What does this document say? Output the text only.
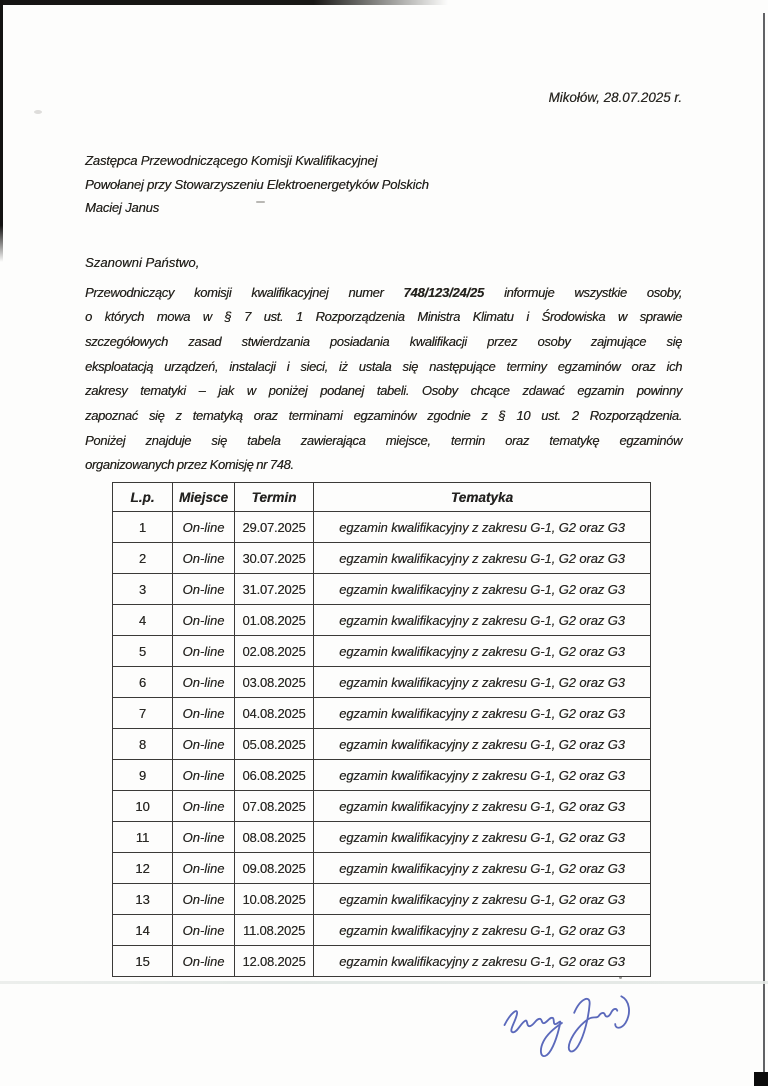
Mikołów, 28.07.2025 r.
Zastępca Przewodniczącego Komisji Kwalifikacyjnej
Powołanej przy Stowarzyszeniu Elektroenergetyków Polskich
Maciej Janus
Szanowni Państwo,
Przewodniczący komisji kwalifikacyjnej numer 748/123/24/25 informuje wszystkie osoby,
o których mowa w § 7 ust. 1 Rozporządzenia Ministra Klimatu i Środowiska w sprawie
szczegółowych zasad stwierdzania posiadania kwalifikacji przez osoby zajmujące się
eksploatacją urządzeń, instalacji i sieci, iż ustala się następujące terminy egzaminów oraz ich
zakresy tematyki – jak w poniżej podanej tabeli. Osoby chcące zdawać egzamin powinny
zapoznać się z tematyką oraz terminami egzaminów zgodnie z § 10 ust. 2 Rozporządzenia.
Poniżej znajduje się tabela zawierająca miejsce, termin oraz tematykę egzaminów
organizowanych przez Komisję nr 748.
L.p.	Miejsce	Termin	Tematyka
1	On-line	29.07.2025	egzamin kwalifikacyjny z zakresu G-1, G2 oraz G3
2	On-line	30.07.2025	egzamin kwalifikacyjny z zakresu G-1, G2 oraz G3
3	On-line	31.07.2025	egzamin kwalifikacyjny z zakresu G-1, G2 oraz G3
4	On-line	01.08.2025	egzamin kwalifikacyjny z zakresu G-1, G2 oraz G3
5	On-line	02.08.2025	egzamin kwalifikacyjny z zakresu G-1, G2 oraz G3
6	On-line	03.08.2025	egzamin kwalifikacyjny z zakresu G-1, G2 oraz G3
7	On-line	04.08.2025	egzamin kwalifikacyjny z zakresu G-1, G2 oraz G3
8	On-line	05.08.2025	egzamin kwalifikacyjny z zakresu G-1, G2 oraz G3
9	On-line	06.08.2025	egzamin kwalifikacyjny z zakresu G-1, G2 oraz G3
10	On-line	07.08.2025	egzamin kwalifikacyjny z zakresu G-1, G2 oraz G3
11	On-line	08.08.2025	egzamin kwalifikacyjny z zakresu G-1, G2 oraz G3
12	On-line	09.08.2025	egzamin kwalifikacyjny z zakresu G-1, G2 oraz G3
13	On-line	10.08.2025	egzamin kwalifikacyjny z zakresu G-1, G2 oraz G3
14	On-line	11.08.2025	egzamin kwalifikacyjny z zakresu G-1, G2 oraz G3
15	On-line	12.08.2025	egzamin kwalifikacyjny z zakresu G-1, G2 oraz G3
